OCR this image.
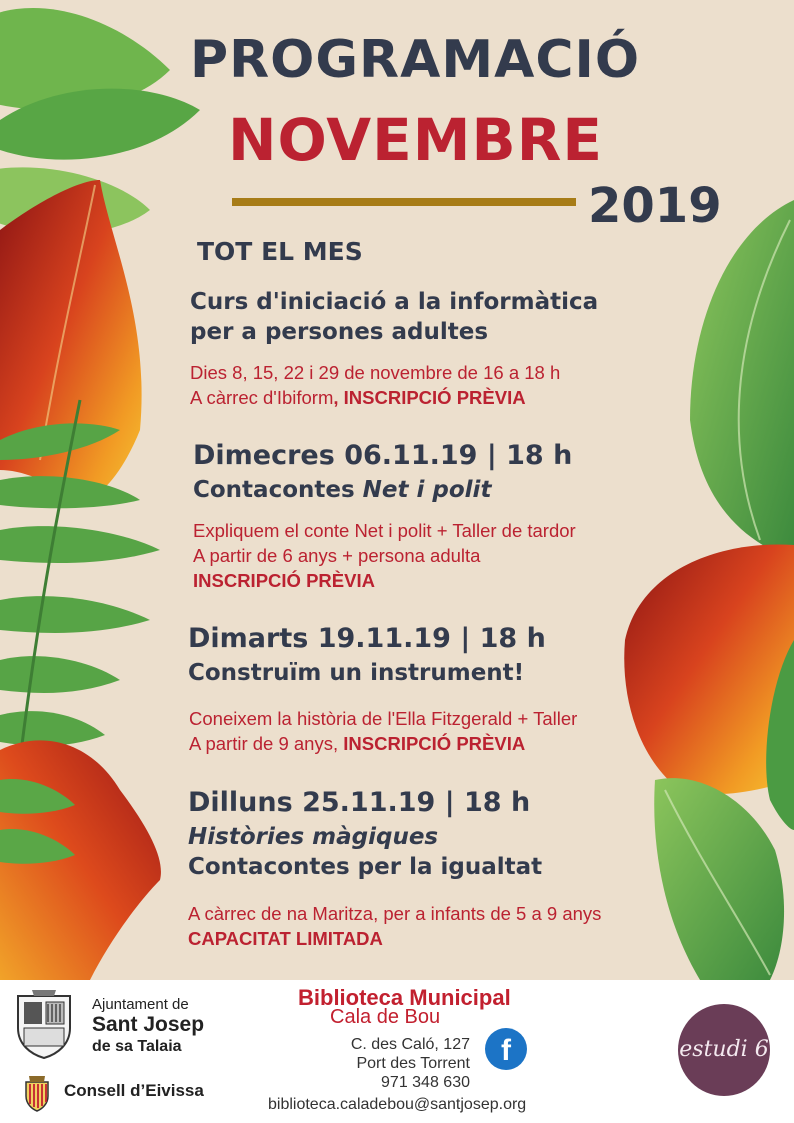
PROGRAMACIÓ
NOVEMBRE
2019
TOT EL MES
Curs d'iniciació a la informàtica
per a persones adultes
Dies 8, 15, 22 i 29 de novembre de 16 a 18 h
A càrrec d'Ibiform, INSCRIPCIÓ PRÈVIA
Dimecres 06.11.19 | 18 h
Contacontes Net i polit
Expliquem el conte Net i polit + Taller de tardor
A partir de 6 anys + persona adulta
INSCRIPCIÓ PRÈVIA
Dimarts 19.11.19 | 18 h
Construïm un instrument!
Coneixem la història de l'Ella Fitzgerald + Taller
A partir de 9 anys, INSCRIPCIÓ PRÈVIA
Dilluns 25.11.19 | 18 h
Històries màgiques
Contacontes per la igualtat
A càrrec de na Maritza, per a infants de 5 a 9 anys
CAPACITAT LIMITADA
Ajuntament de
Sant Josep
de sa Talaia
Consell d’Eivissa
Biblioteca Municipal
Cala de Bou
C. des Caló, 127
Port des Torrent
971 348 630
biblioteca.caladebou@santjosep.org
f	estudi 6
